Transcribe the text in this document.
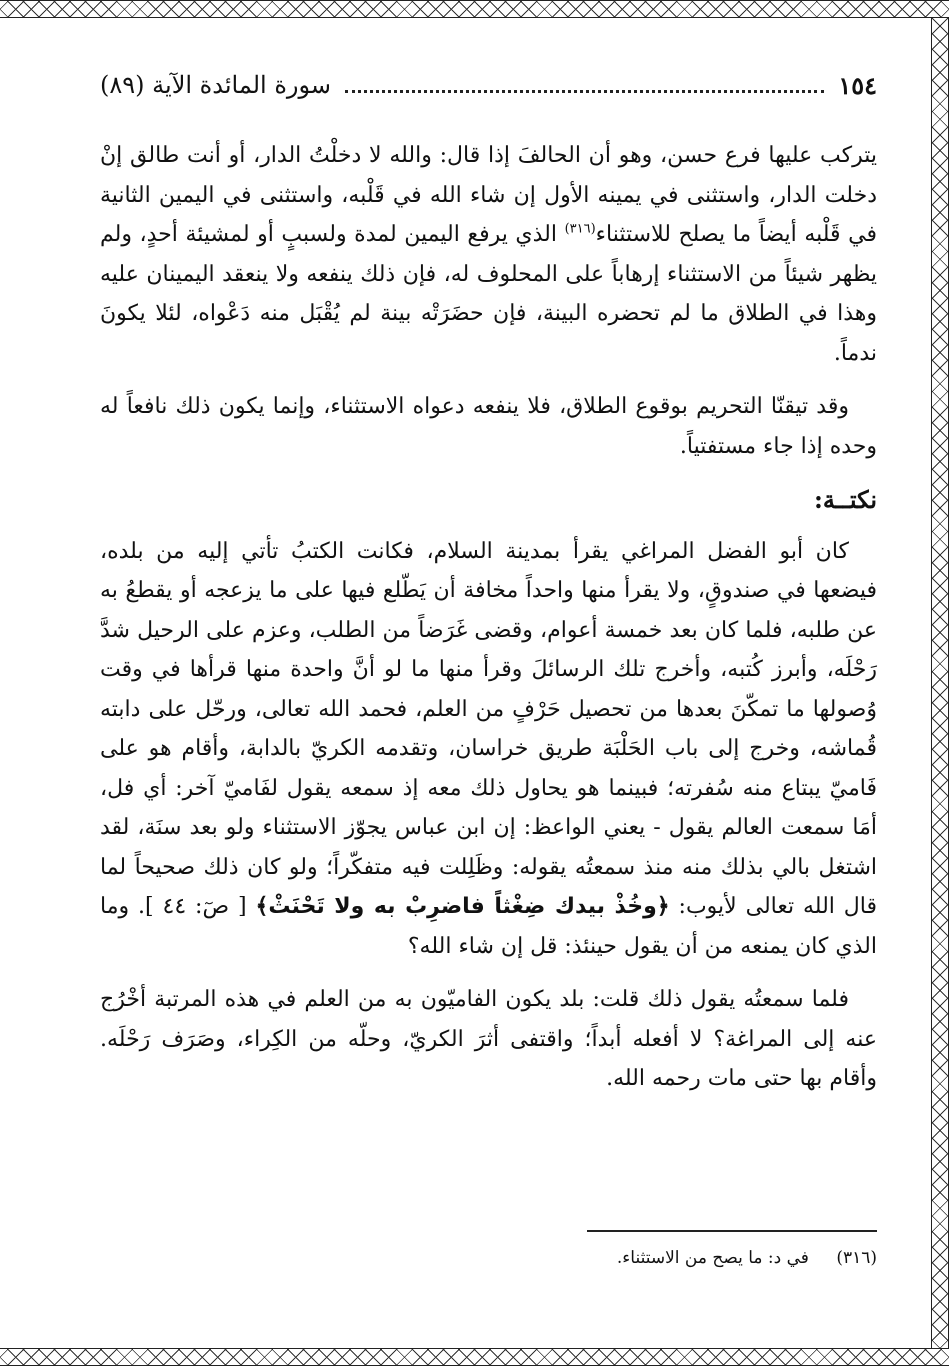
١٥٤
سورة المائدة الآية (٨٩)

يتركب عليها فرع حسن، وهو أن الحالفَ إذا قال: والله لا دخلْتُ الدار، أو أنت طالق إنْ دخلت الدار، واستثنى في يمينه الأول إن شاء الله في قَلْبه، واستثنى في اليمين الثانية في قَلْبه أيضاً ما يصلح للاستثناء$^{(٣١٦)}$ الذي يرفع اليمين لمدة ولسببٍ أو لمشيئة أحدٍ، ولم يظهر شيئاً من الاستثناء إرهاباً على المحلوف له، فإن ذلك ينفعه ولا ينعقد اليمينان عليه وهذا في الطلاق ما لم تحضره البينة، فإن حضَرَتْه بينة لم يُقْبَل منه دَعْواه، لئلا يكونَ ندماً.

وقد تيقنّا التحريم بوقوع الطلاق، فلا ينفعه دعواه الاستثناء، وإنما يكون ذلك نافعاً له وحده إذا جاء مستفتياً.

نكتــة:

كان أبو الفضل المراغي يقرأ بمدينة السلام، فكانت الكتبُ تأتي إليه من بلده، فيضعها في صندوقٍ، ولا يقرأ منها واحداً مخافة أن يَطّلع فيها على ما يزعجه أو يقطعُ به عن طلبه، فلما كان بعد خمسة أعوام، وقضى غَرَضاً من الطلب، وعزم على الرحيل شدَّ رَحْلَه، وأبرز كُتبه، وأخرج تلك الرسائلَ وقرأ منها ما لو أنَّ واحدة منها قرأها في وقت وُصولها ما تمكّنَ بعدها من تحصيل حَرْفٍ من العلم، فحمد الله تعالى، ورحّل على دابته قُماشه، وخرج إلى باب الحَلْبَة طريق خراسان، وتقدمه الكريّ بالدابة، وأقام هو على فَاميّ يبتاع منه سُفرته؛ فبينما هو يحاول ذلك معه إذ سمعه يقول لفَاميّ آخر: أي فل، أمَا سمعت العالم يقول - يعني الواعظ: إن ابن عباس يجوّز الاستثناء ولو بعد سنَة، لقد اشتغل بالي بذلك منه منذ سمعتُه يقوله: وظَلِلت فيه متفكّراً؛ ولو كان ذلك صحيحاً لما قال الله تعالى لأيوب: ﴿وخُذْ بيدك ضِغْثاً فاضرِبْ به ولا تَحْنَثْ﴾ [ صٓ: ٤٤ ]. وما الذي كان يمنعه من أن يقول حينئذ: قل إن شاء الله؟

فلما سمعتُه يقول ذلك قلت: بلد يكون الفاميّون به من العلم في هذه المرتبة أخْرُج عنه إلى المراغة؟ لا أفعله أبداً؛ واقتفى أثرَ الكريّ، وحلّه من الكِراء، وصَرَف رَحْلَه. وأقام بها حتى مات رحمه الله.

(٣١٦) في د: ما يصح من الاستثناء.
